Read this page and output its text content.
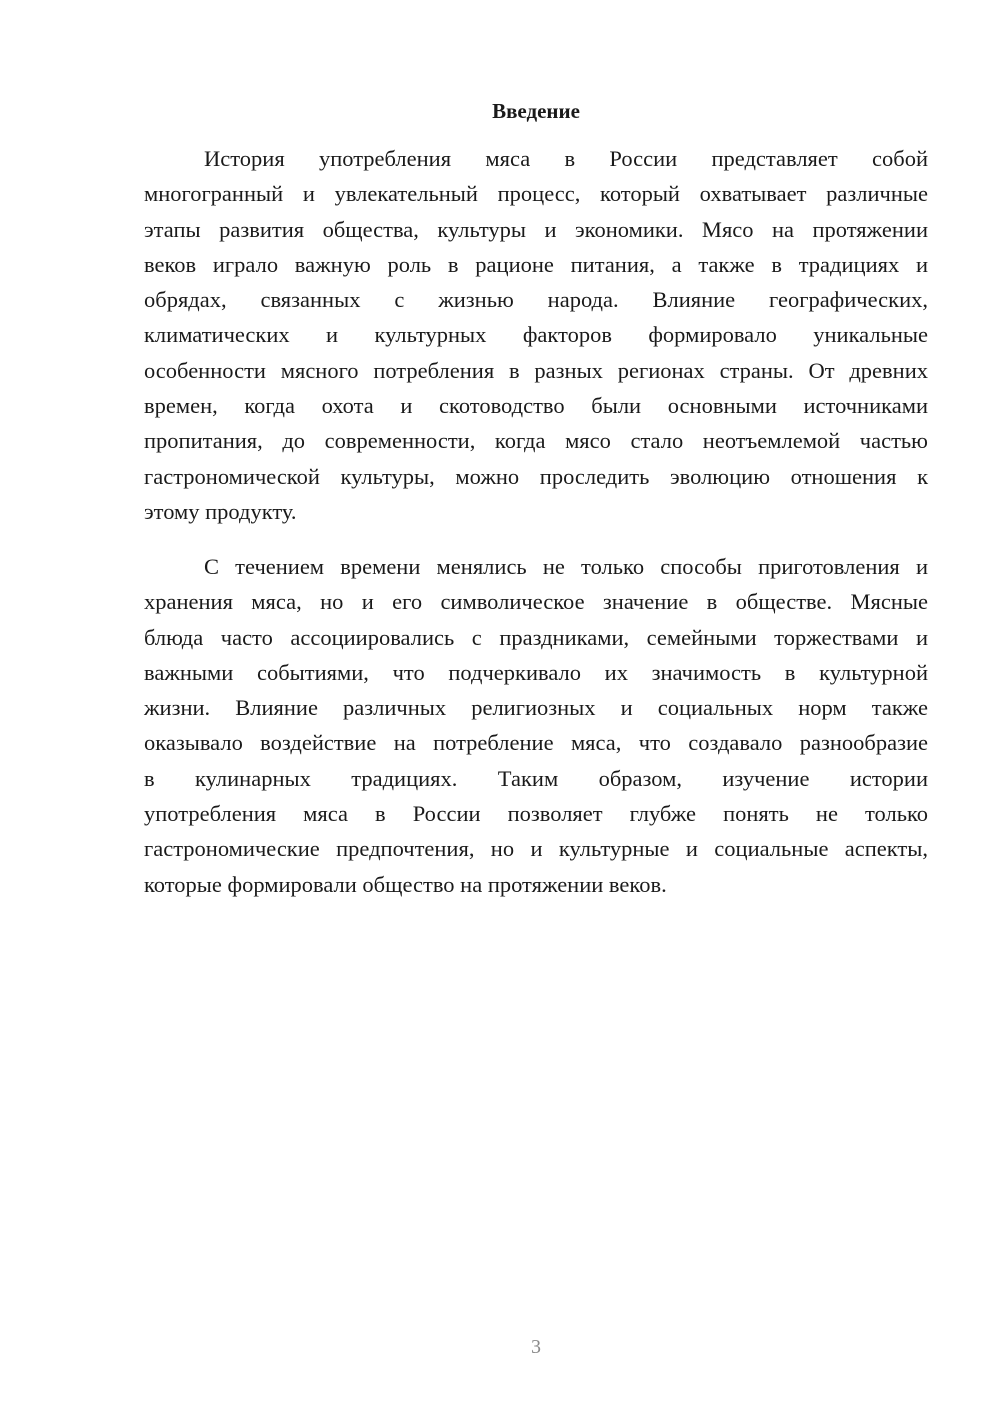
Введение
История употребления мяса в России представляет собой
многогранный и увлекательный процесс, который охватывает различные
этапы развития общества, культуры и экономики. Мясо на протяжении
веков играло важную роль в рационе питания, а также в традициях и
обрядах, связанных с жизнью народа. Влияние географических,
климатических и культурных факторов формировало уникальные
особенности мясного потребления в разных регионах страны. От древних
времен, когда охота и скотоводство были основными источниками
пропитания, до современности, когда мясо стало неотъемлемой частью
гастрономической культуры, можно проследить эволюцию отношения к
этому продукту.
С течением времени менялись не только способы приготовления и
хранения мяса, но и его символическое значение в обществе. Мясные
блюда часто ассоциировались с праздниками, семейными торжествами и
важными событиями, что подчеркивало их значимость в культурной
жизни. Влияние различных религиозных и социальных норм также
оказывало воздействие на потребление мяса, что создавало разнообразие
в кулинарных традициях. Таким образом, изучение истории
употребления мяса в России позволяет глубже понять не только
гастрономические предпочтения, но и культурные и социальные аспекты,
которые формировали общество на протяжении веков.
3
